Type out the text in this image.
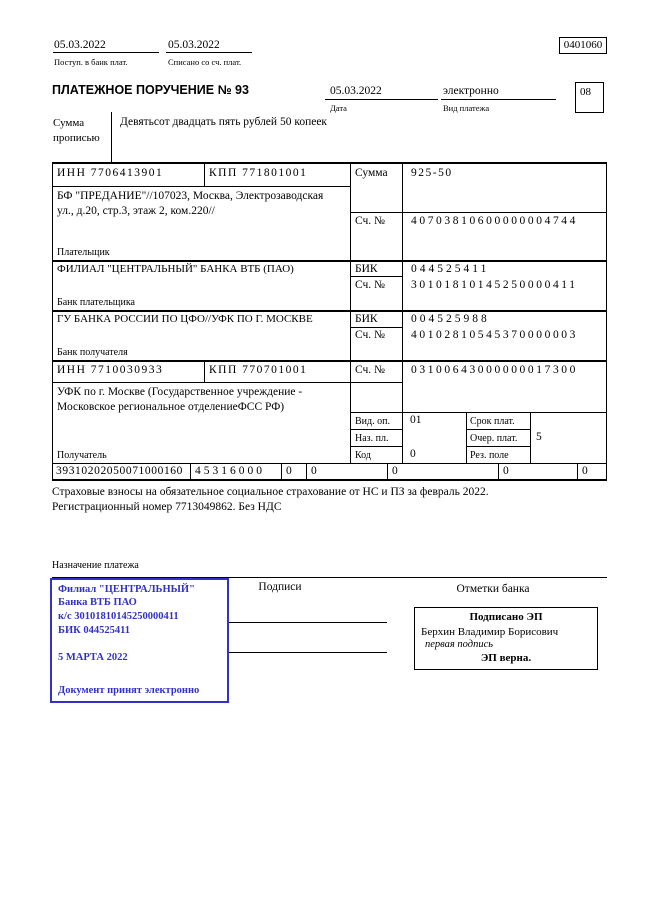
05.03.2022
Поступ. в банк плат.
05.03.2022
Списано со сч. плат.
0401060
ПЛАТЕЖНОЕ ПОРУЧЕНИЕ № 93	05.03.2022
Дата
электронно
Вид платежа
08
Сумма прописью
Девятьсот двадцать пять рублей 50 копеек
ИНН 7706413901	КПП 771801001	Сумма 925-50
БФ "ПРЕДАНИЕ"//107023, Москва, Электрозаводская ул., д.20, стр.3, этаж 2, ком.220//
Сч. № 40703810600000004744
Плательщик
ФИЛИАЛ "ЦЕНТРАЛЬНЫЙ" БАНКА ВТБ (ПАО)	БИК	044525411
Сч. № 30101810145250000411
Банк плательщика
ГУ БАНКА РОССИИ ПО ЦФО//УФК ПО Г. МОСКВЕ	БИК	004525988
Сч. № 40102810545370000003
Банк получателя
ИНН 7710030933	КПП 770701001	Сч. № 03100643000000017300
УФК по г. Москве (Государственное учреждение - Московское региональное отделениеФСС РФ)
Получатель
Вид. оп. 01	Срок плат.
Наз. пл.	Очер. плат. 5
Код	0	Рез. поле
39310202050071000160 45316000 0 0	0	0	0
Страховые взносы на обязательное социальное страхование от НС и ПЗ за февраль 2022. Регистрационный номер 7713049862. Без НДС
Назначение платежа
Подписи	Отметки банка
Филиал "ЦЕНТРАЛЬНЫЙ" Банка ВТБ ПАО
к/с 30101810145250000411
БИК 044525411
5 МАРТА 2022
Документ принят электронно
Подписано ЭП
Берхин Владимир Борисович
первая подпись
ЭП верна.
